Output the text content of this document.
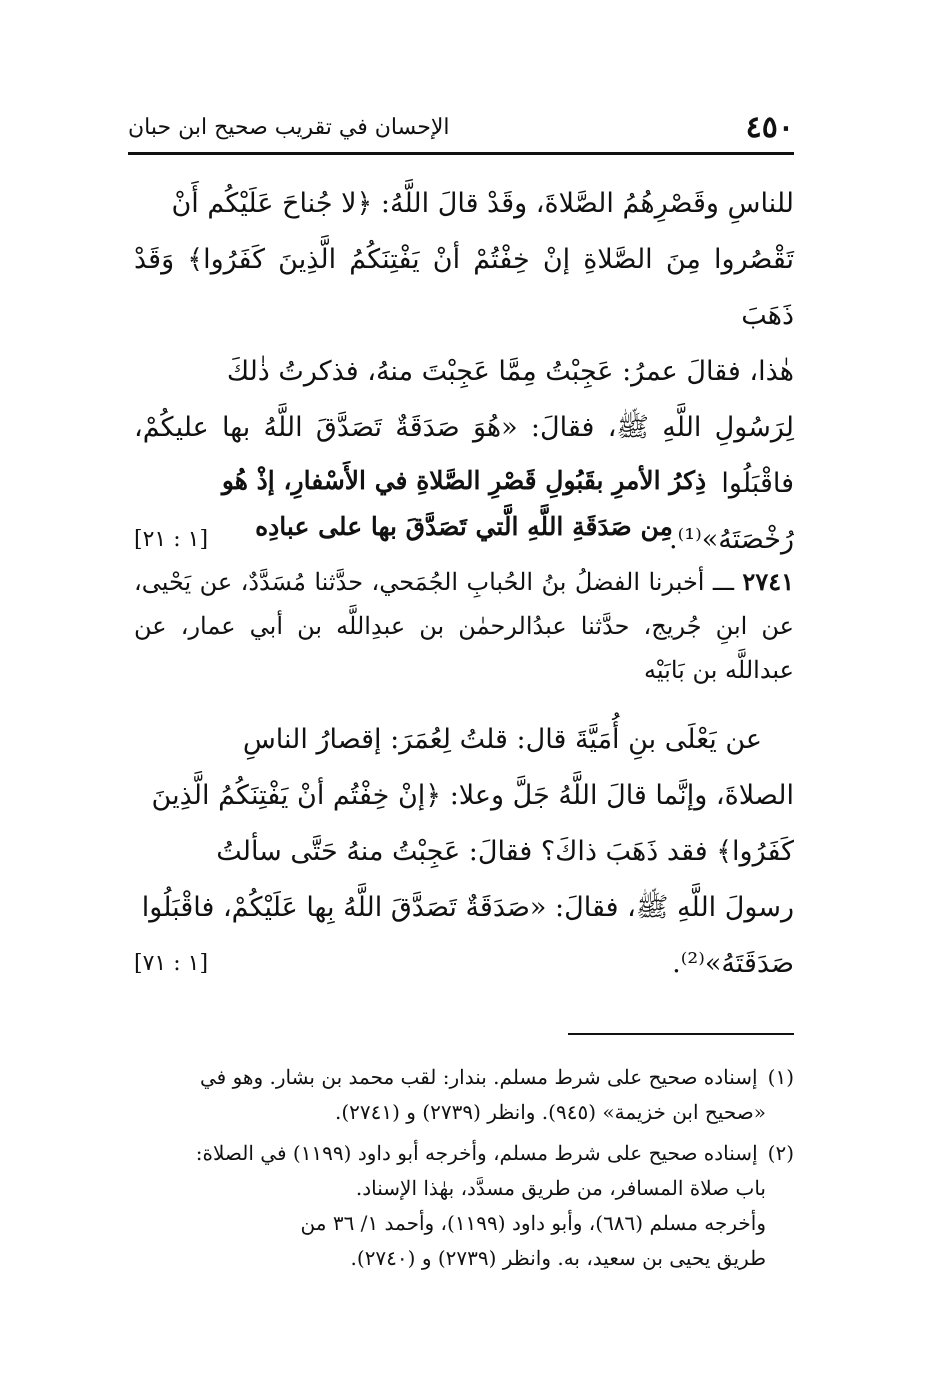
٤٥٠
الإحسان في تقريب صحيح ابن حبان
للناسِ وقَصْرِهُمُ الصَّلاةَ، وقَدْ قالَ اللَّهُ: ﴿لا جُناحَ عَلَيْكُم أَنْ
تَقْصُروا مِنَ الصَّلاةِ إنْ خِفْتُمْ أنْ يَفْتِنَكُمُ الَّذِينَ كَفَرُوا﴾ وَقَدْ ذَهَبَ
هٰذا، فقالَ عمرُ: عَجِبْتُ مِمَّا عَجِبْتَ منهُ، فذكرتُ ذٰلكَ
لِرَسُولِ اللَّهِ ﷺ، فقالَ: «هُوَ صَدَقَةٌ تَصَدَّقَ اللَّهُ بها عليكُمْ، فاقْبَلُوا
رُخْصَتَهُ»⁽¹⁾.
[١ : ٢١]
ذِكرُ الأمرِ بقَبُولِ قَصْرِ الصَّلاةِ في الأَسْفارِ، إذْ هُو
مِن صَدَقَةِ اللَّهِ الَّتي تَصَدَّقَ بها على عبادِه
٢٧٤١ ـــ أخبرنا الفضلُ بنُ الحُبابِ الجُمَحي، حدَّثنا مُسَدَّدٌ، عن يَحْيى، عن ابنِ جُريج، حدَّثنا عبدُالرحمٰن بن عبدِاللَّه بن أبي عمار، عن عبداللَّه بن بَابَيْه
عن يَعْلَى بنِ أُمَيَّةَ قال: قلتُ لِعُمَرَ: إقصارُ الناسِ
الصلاةَ، وإنَّما قالَ اللَّهُ جَلَّ وعلا: ﴿إنْ خِفْتُم أنْ يَفْتِنَكُمُ الَّذِينَ
كَفَرُوا﴾ فقد ذَهَبَ ذاكَ؟ فقالَ: عَجِبْتُ منهُ حَتَّى سألتُ
رسولَ اللَّهِ ﷺ، فقالَ: «صَدَقَةٌ تَصَدَّقَ اللَّهُ بِها عَلَيْكُمْ، فاقْبَلُوا
صَدَقَتَهُ»⁽²⁾.
[١ : ٧١]
(١)إسناده صحيح على شرط مسلم. بندار: لقب محمد بن بشار. وهو في
«صحيح ابن خزيمة» (٩٤٥). وانظر (٢٧٣٩) و (٢٧٤١).
(٢)إسناده صحيح على شرط مسلم، وأخرجه أبو داود (١١٩٩) في الصلاة:
باب صلاة المسافر، من طريق مسدَّد، بهٰذا الإسناد.
وأخرجه مسلم (٦٨٦)، وأبو داود (١١٩٩)، وأحمد ١/ ٣٦ من
طريق يحيى بن سعيد، به. وانظر (٢٧٣٩) و (٢٧٤٠).
